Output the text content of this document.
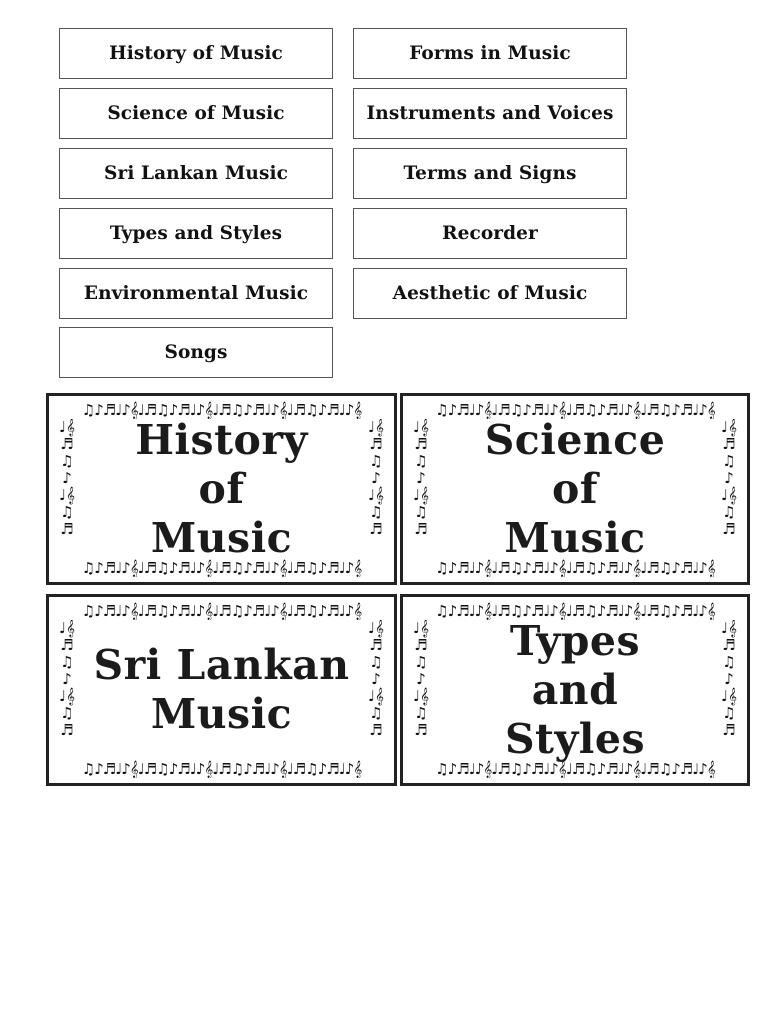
History of Music	Forms in Music
Science of Music	Instruments and Voices
Sri Lankan Music	Terms and Signs
Types and Styles	Recorder
Environmental Music	Aesthetic of Music
Songs
♫♪♬♩♪𝄞♩♬♫♪♬♩♪𝄞♩♬♫♪♬♩♪𝄞♩♬♫♪♬♩♪𝄞
♩𝄞♬♫♪♩𝄞♫♬
♩𝄞♬♫♪♩𝄞♫♬
♫♪♬♩♪𝄞♩♬♫♪♬♩♪𝄞♩♬♫♪♬♩♪𝄞♩♬♫♪♬♩♪𝄞
History
of
Music
♫♪♬♩♪𝄞♩♬♫♪♬♩♪𝄞♩♬♫♪♬♩♪𝄞♩♬♫♪♬♩♪𝄞
♩𝄞♬♫♪♩𝄞♫♬
♩𝄞♬♫♪♩𝄞♫♬
♫♪♬♩♪𝄞♩♬♫♪♬♩♪𝄞♩♬♫♪♬♩♪𝄞♩♬♫♪♬♩♪𝄞
Science
of
Music
♫♪♬♩♪𝄞♩♬♫♪♬♩♪𝄞♩♬♫♪♬♩♪𝄞♩♬♫♪♬♩♪𝄞
♩𝄞♬♫♪♩𝄞♫♬
♩𝄞♬♫♪♩𝄞♫♬
♫♪♬♩♪𝄞♩♬♫♪♬♩♪𝄞♩♬♫♪♬♩♪𝄞♩♬♫♪♬♩♪𝄞
Sri Lankan
Music
♫♪♬♩♪𝄞♩♬♫♪♬♩♪𝄞♩♬♫♪♬♩♪𝄞♩♬♫♪♬♩♪𝄞
♩𝄞♬♫♪♩𝄞♫♬
♩𝄞♬♫♪♩𝄞♫♬
♫♪♬♩♪𝄞♩♬♫♪♬♩♪𝄞♩♬♫♪♬♩♪𝄞♩♬♫♪♬♩♪𝄞
Types
and
Styles
